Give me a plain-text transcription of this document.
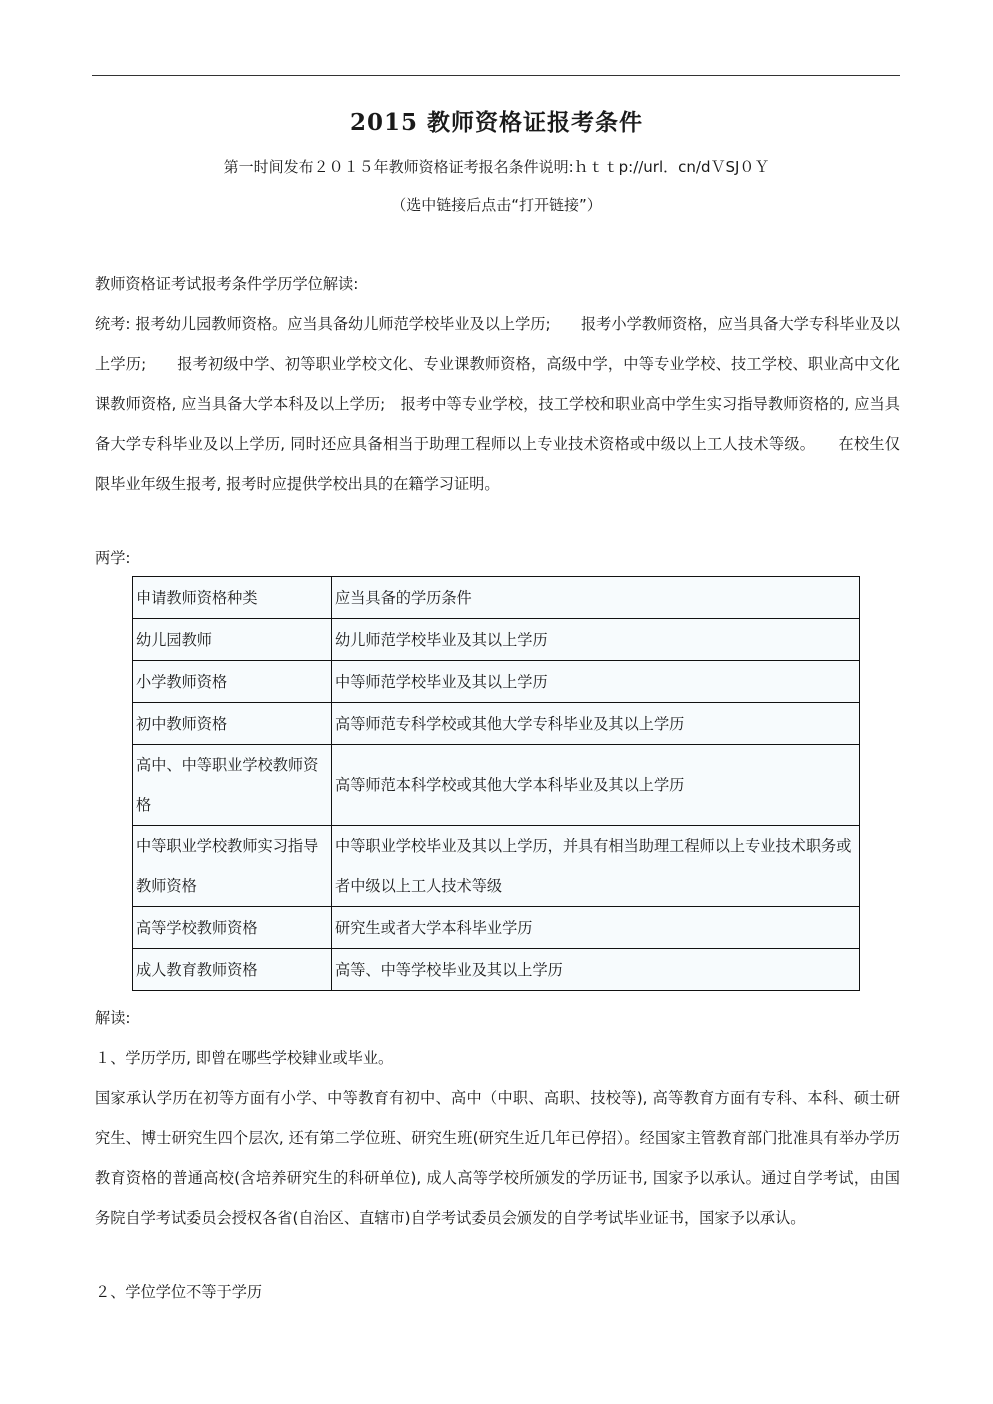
2015 教师资格证报考条件
第一时间发布２０１５年教师资格证考报名条件说明:ｈｔｔp://url．cn/dＶSJ０Ｙ
（选中链接后点击“打开链接”）
教师资格证考试报考条件学历学位解读:
统考: 报考幼儿园教师资格。应当具备幼儿师范学校毕业及以上学历;　　报考小学教师资格，应当具备大学专科毕业及以上学历;　　报考初级中学、初等职业学校文化、专业课教师资格，高级中学，中等专业学校、技工学校、职业高中文化课教师资格, 应当具备大学本科及以上学历;　报考中等专业学校，技工学校和职业高中学生实习指导教师资格的, 应当具备大学专科毕业及以上学历, 同时还应具备相当于助理工程师以上专业技术资格或中级以上工人技术等级。　　在校生仅限毕业年级生报考, 报考时应提供学校出具的在籍学习证明。
两学:
申请教师资格种类	应当具备的学历条件
幼儿园教师	幼儿师范学校毕业及其以上学历
小学教师资格	中等师范学校毕业及其以上学历
初中教师资格	高等师范专科学校或其他大学专科毕业及其以上学历
高中、中等职业学校教师资格	高等师范本科学校或其他大学本科毕业及其以上学历
中等职业学校教师实习指导教师资格	中等职业学校毕业及其以上学历，并具有相当助理工程师以上专业技术职务或者中级以上工人技术等级
高等学校教师资格	研究生或者大学本科毕业学历
成人教育教师资格	高等、中等学校毕业及其以上学历
解读:
１、学历学历, 即曾在哪些学校肄业或毕业。
国家承认学历在初等方面有小学、中等教育有初中、高中（中职、高职、技校等), 高等教育方面有专科、本科、硕士研究生、博士研究生四个层次, 还有第二学位班、研究生班(研究生近几年已停招）。经国家主管教育部门批准具有举办学历教育资格的普通高校(含培养研究生的科研单位), 成人高等学校所颁发的学历证书, 国家予以承认。通过自学考试，由国务院自学考试委员会授权各省(自治区、直辖市)自学考试委员会颁发的自学考试毕业证书，国家予以承认。
２、学位学位不等于学历
